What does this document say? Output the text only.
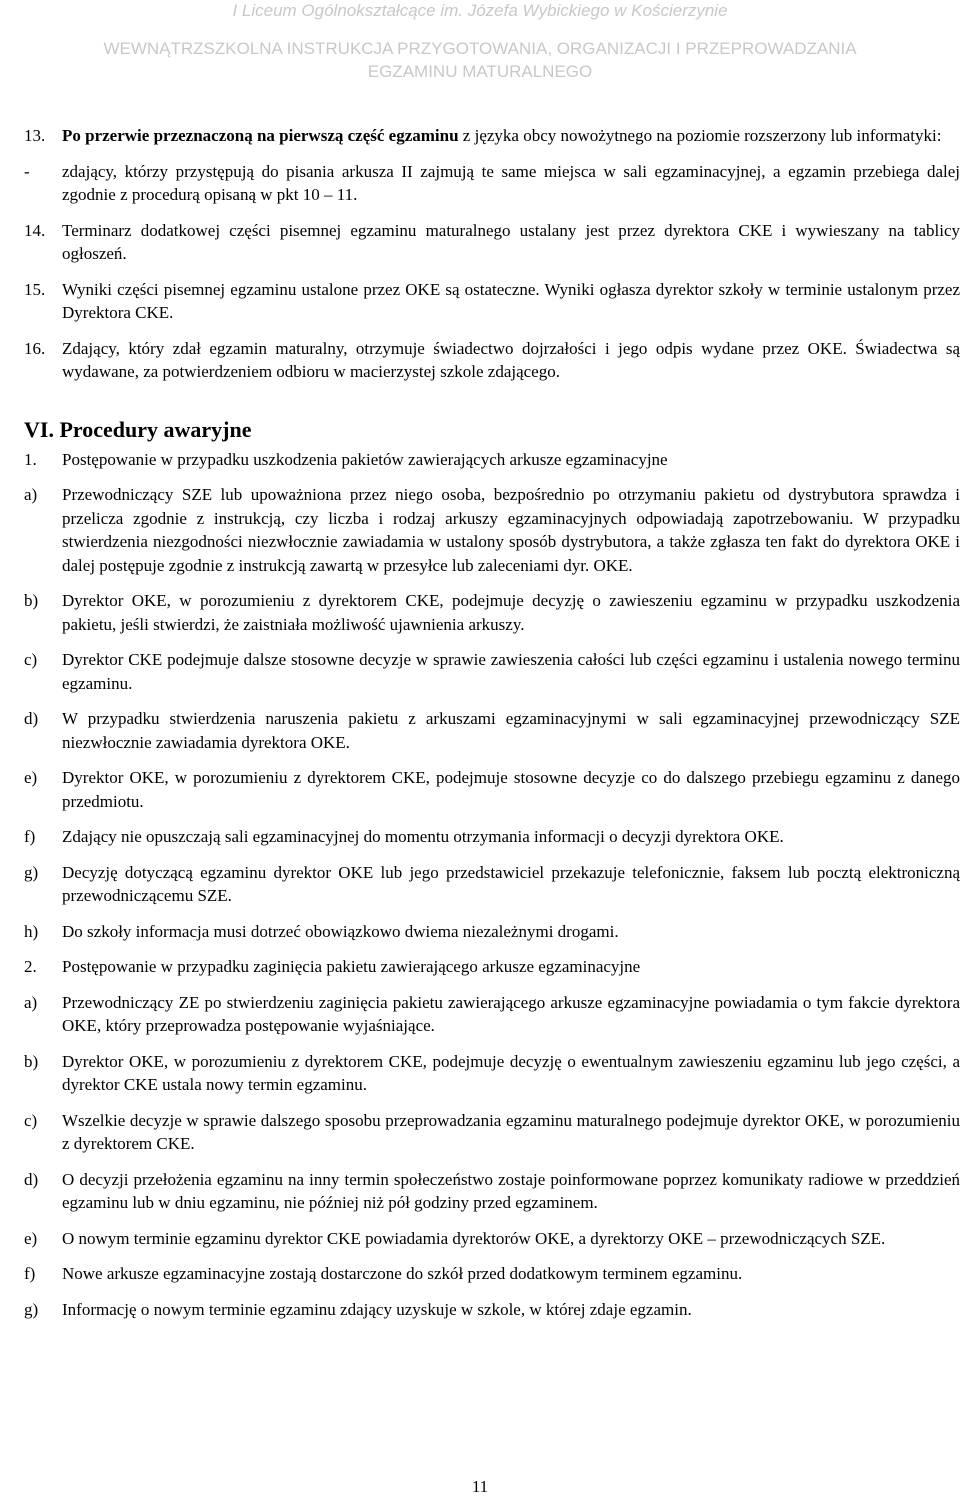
I Liceum Ogólnokształcące im. Józefa Wybickiego w Kościerzynie
WEWNĄTRZSZKOLNA INSTRUKCJA PRZYGOTOWANIA, ORGANIZACJI I PRZEPROWADZANIA
EGZAMINU MATURALNEGO
13. Po przerwie przeznaczoną na pierwszą część egzaminu z języka obcy nowożytnego na poziomie rozszerzony lub informatyki:
-	zdający, którzy przystępują do pisania arkusza II zajmują te same miejsca w sali egzaminacyjnej, a egzamin przebiega dalej zgodnie z procedurą opisaną w pkt 10 – 11.
14. Terminarz dodatkowej części pisemnej egzaminu maturalnego ustalany jest przez dyrektora CKE i wywieszany na tablicy ogłoszeń.
15. Wyniki części pisemnej egzaminu ustalone przez OKE są ostateczne. Wyniki ogłasza dyrektor szkoły w terminie ustalonym przez Dyrektora CKE.
16. Zdający, który zdał egzamin maturalny, otrzymuje świadectwo dojrzałości i jego odpis wydane przez OKE. Świadectwa są wydawane, za potwierdzeniem odbioru w macierzystej szkole zdającego.
VI. Procedury awaryjne
1.	Postępowanie w przypadku uszkodzenia pakietów zawierających arkusze egzaminacyjne
a)	Przewodniczący SZE lub upoważniona przez niego osoba, bezpośrednio po otrzymaniu pakietu od dystrybutora sprawdza i przelicza zgodnie z instrukcją, czy liczba i rodzaj arkuszy egzaminacyjnych odpowiadają zapotrzebowaniu. W przypadku stwierdzenia niezgodności niezwłocznie zawiadamia w ustalony sposób dystrybutora, a także zgłasza ten fakt do dyrektora OKE i dalej postępuje zgodnie z instrukcją zawartą w przesyłce lub zaleceniami dyr. OKE.
b)	Dyrektor OKE, w porozumieniu z dyrektorem CKE, podejmuje decyzję o zawieszeniu egzaminu w przypadku uszkodzenia pakietu, jeśli stwierdzi, że zaistniała możliwość ujawnienia arkuszy.
c)	Dyrektor CKE podejmuje dalsze stosowne decyzje w sprawie zawieszenia całości lub części egzaminu i ustalenia nowego terminu egzaminu.
d)	W przypadku stwierdzenia naruszenia pakietu z arkuszami egzaminacyjnymi w sali egzaminacyjnej przewodniczący SZE niezwłocznie zawiadamia dyrektora OKE.
e)	Dyrektor OKE, w porozumieniu z dyrektorem CKE, podejmuje stosowne decyzje co do dalszego przebiegu egzaminu z danego przedmiotu.
f)	Zdający nie opuszczają sali egzaminacyjnej do momentu otrzymania informacji o decyzji dyrektora OKE.
g)	Decyzję dotyczącą egzaminu dyrektor OKE lub jego przedstawiciel przekazuje telefonicznie, faksem lub pocztą elektroniczną przewodniczącemu SZE.
h)	Do szkoły informacja musi dotrzeć obowiązkowo dwiema niezależnymi drogami.
2.	Postępowanie w przypadku zaginięcia pakietu zawierającego arkusze egzaminacyjne
a)	Przewodniczący ZE po stwierdzeniu zaginięcia pakietu zawierającego arkusze egzaminacyjne powiadamia o tym fakcie dyrektora OKE, który przeprowadza postępowanie wyjaśniające.
b)	Dyrektor OKE, w porozumieniu z dyrektorem CKE, podejmuje decyzję o ewentualnym zawieszeniu egzaminu lub jego części, a dyrektor CKE ustala nowy termin egzaminu.
c)	Wszelkie decyzje w sprawie dalszego sposobu przeprowadzania egzaminu maturalnego podejmuje dyrektor OKE, w porozumieniu z dyrektorem CKE.
d)	O decyzji przełożenia egzaminu na inny termin społeczeństwo zostaje poinformowane poprzez komunikaty radiowe w przeddzień egzaminu lub w dniu egzaminu, nie później niż pół godziny przed egzaminem.
e)	O nowym terminie egzaminu dyrektor CKE powiadamia dyrektorów OKE, a dyrektorzy OKE – przewodniczących SZE.
f)	Nowe arkusze egzaminacyjne zostają dostarczone do szkół przed dodatkowym terminem egzaminu.
g)	Informację o nowym terminie egzaminu zdający uzyskuje w szkole, w której zdaje egzamin.
11
